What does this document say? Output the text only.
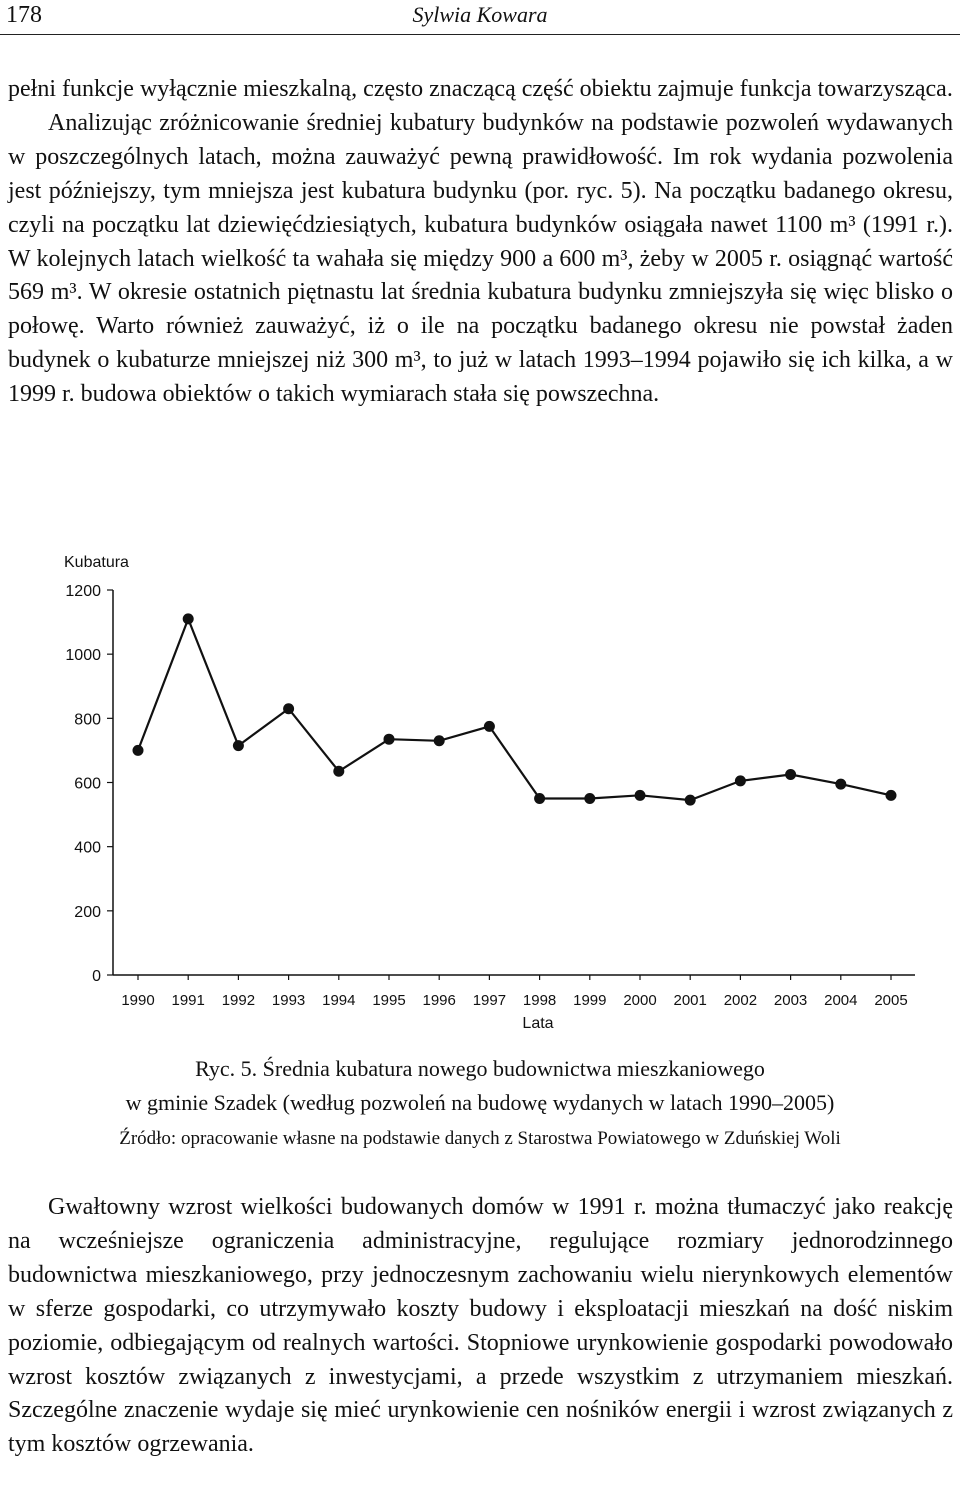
178	Sylwia Kowara

pełni funkcje wyłącznie mieszkalną, często znaczącą część obiektu zajmuje funkcja towarzysząca.
Analizując zróżnicowanie średniej kubatury budynków na podstawie pozwoleń wydawanych w poszczególnych latach, można zauważyć pewną prawidłowość. Im rok wydania pozwolenia jest późniejszy, tym mniejsza jest kubatura budynku (por. ryc. 5). Na początku badanego okresu, czyli na początku lat dziewięćdziesiątych, kubatura budynków osiągała nawet 1100 m³ (1991 r.). W kolejnych latach wielkość ta wahała się między 900 a 600 m³, żeby w 2005 r. osiągnąć wartość 569 m³. W okresie ostatnich piętnastu lat średnia kubatura budynku zmniejszyła się więc blisko o połowę. Warto również zauważyć, iż o ile na początku badanego okresu nie powstał żaden budynek o kubaturze mniejszej niż 300 m³, to już w latach 1993–1994 pojawiło się ich kilka, a w 1999 r. budowa obiektów o takich wymiarach stała się powszechna.

Kubatura
0
200
400
600
800
1000
1200
1990 1991 1992 1993 1994 1995 1996 1997 1998 1999 2000 2001 2002 2003 2004 2005
Lata

Ryc. 5. Średnia kubatura nowego budownictwa mieszkaniowego

w gminie Szadek (według pozwoleń na budowę wydanych w latach 1990–2005)

Źródło: opracowanie własne na podstawie danych z Starostwa Powiatowego w Zduńskiej Woli

Gwałtowny wzrost wielkości budowanych domów w 1991 r. można tłumaczyć jako reakcję na wcześniejsze ograniczenia administracyjne, regulujące rozmiary jednorodzinnego budownictwa mieszkaniowego, przy jednoczesnym zachowaniu wielu nierynkowych elementów w sferze gospodarki, co utrzymywało koszty budowy i eksploatacji mieszkań na dość niskim poziomie, odbiegającym od realnych wartości. Stopniowe urynkowienie gospodarki powodowało wzrost kosztów związanych z inwestycjami, a przede wszystkim z utrzymaniem mieszkań. Szczególne znaczenie wydaje się mieć urynkowienie cen nośników energii i wzrost związanych z tym kosztów ogrzewania.
